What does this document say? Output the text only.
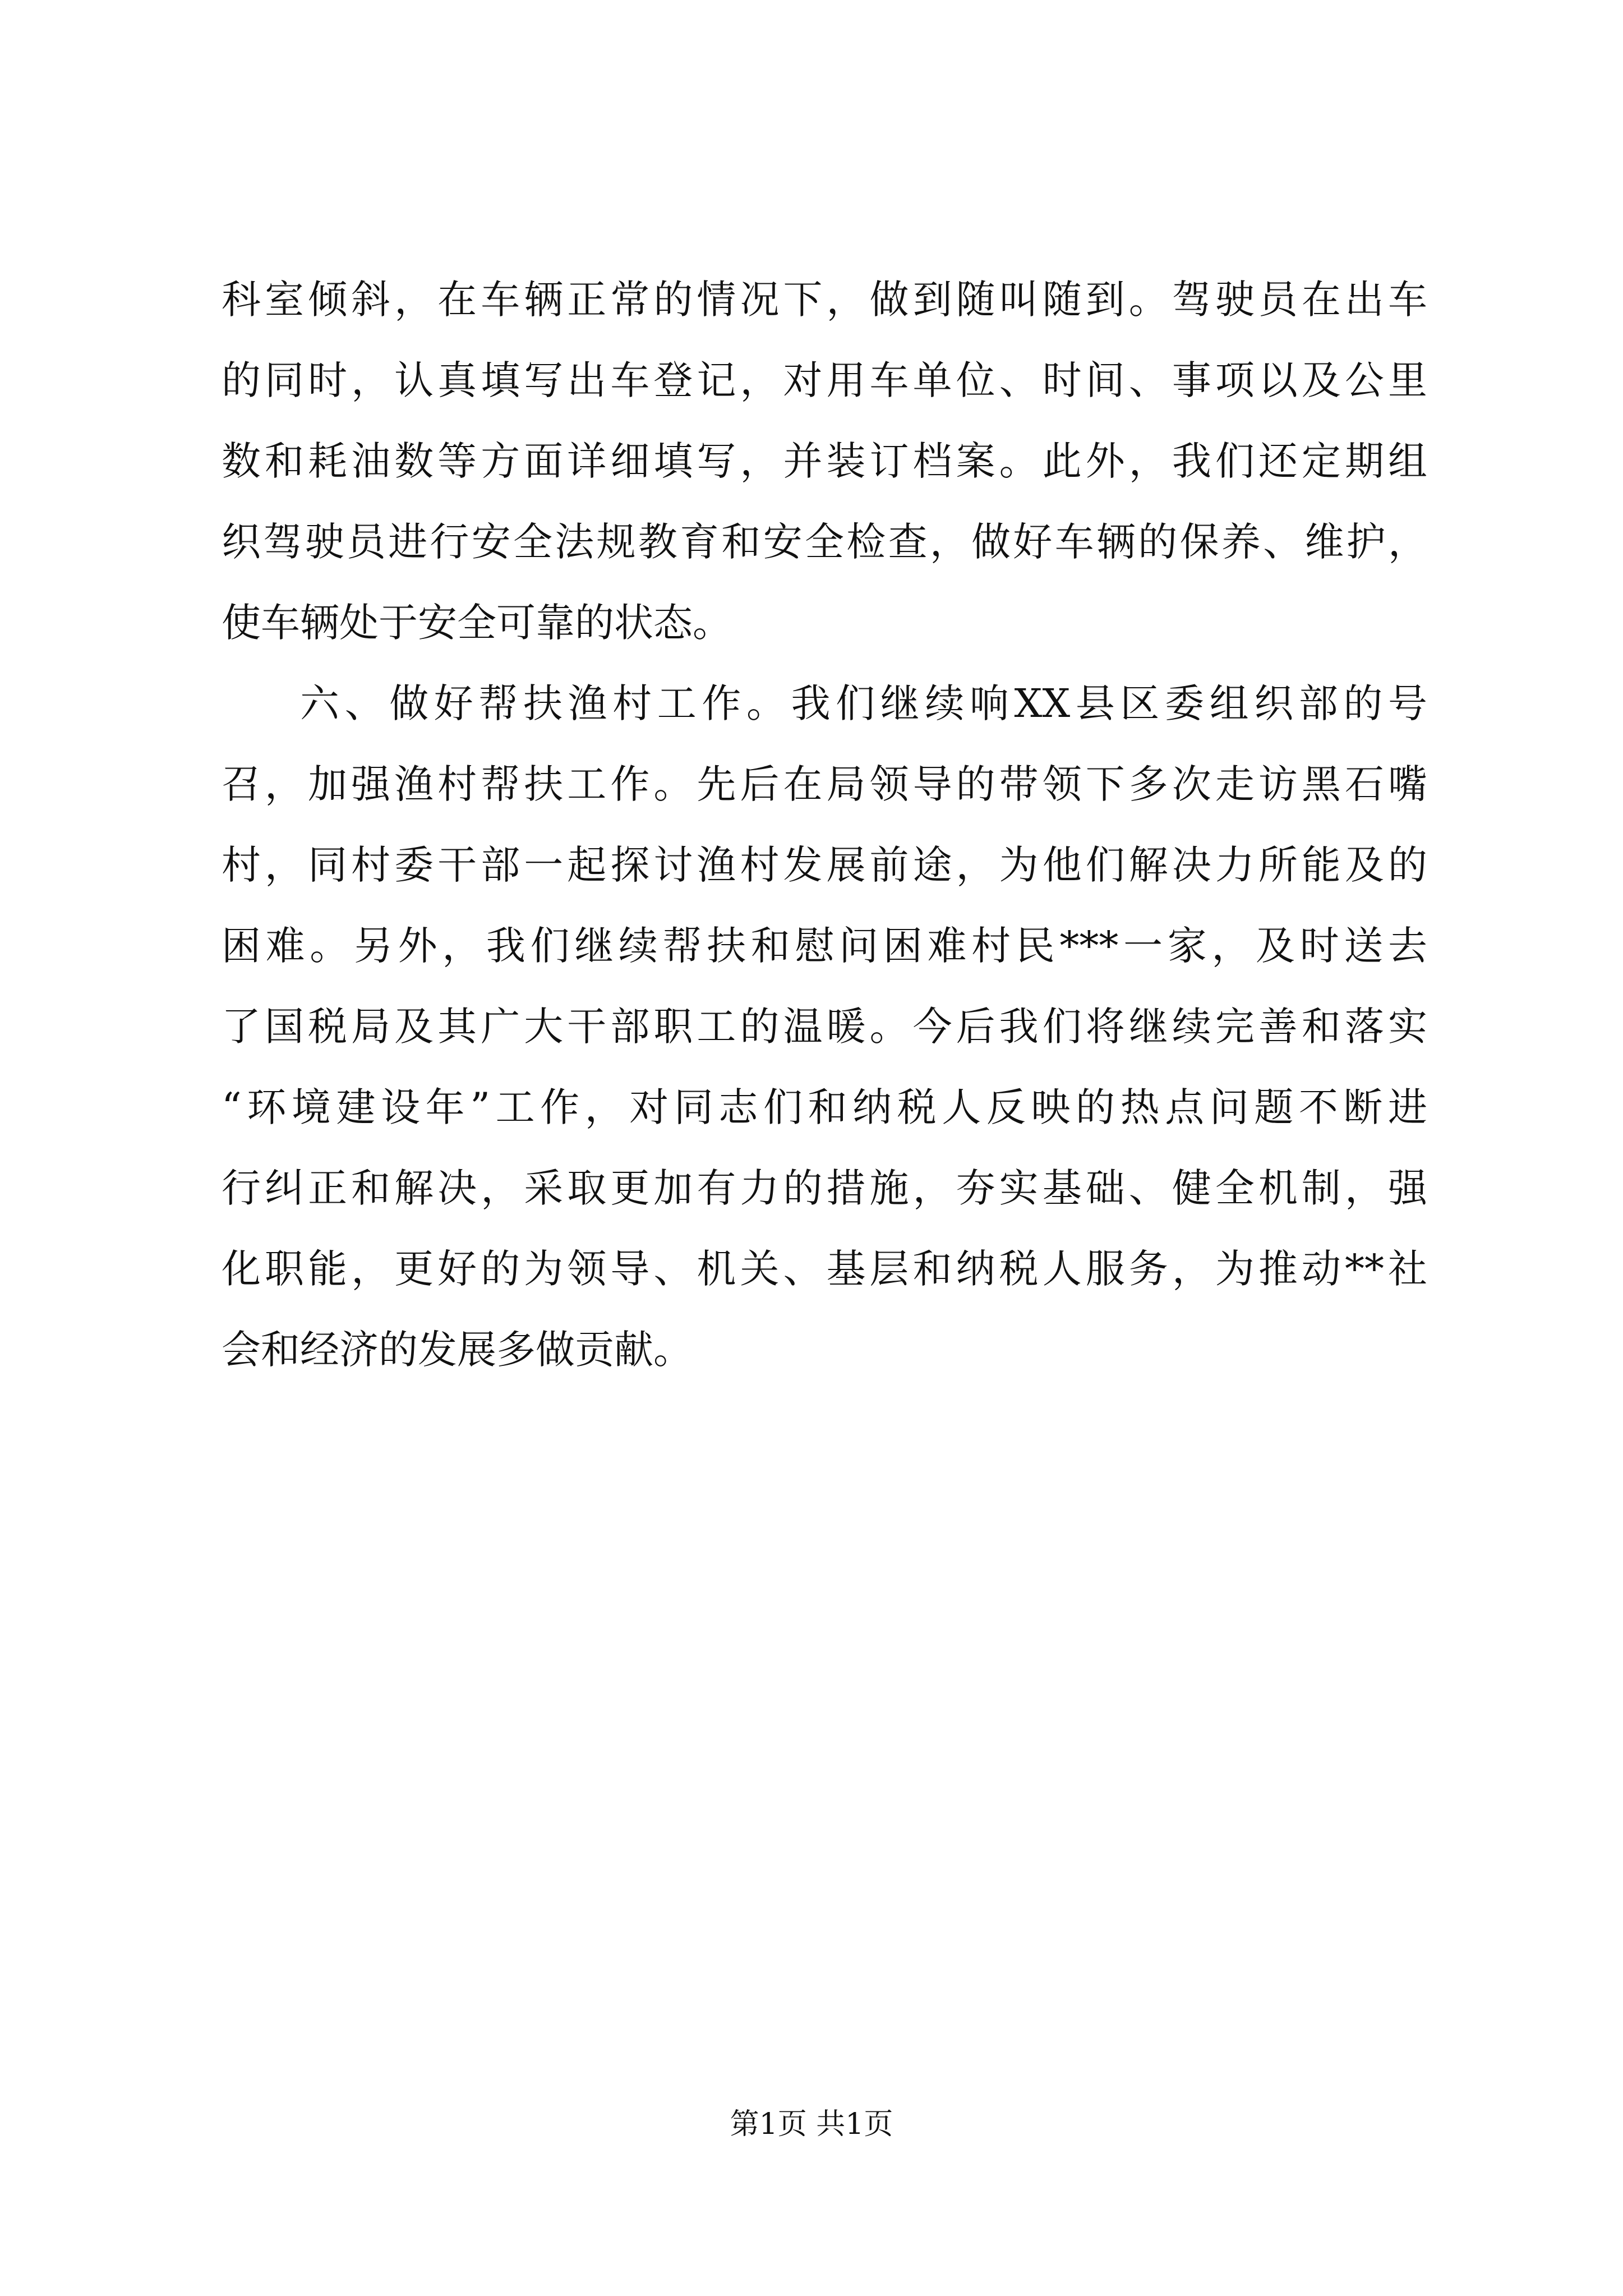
科室倾斜，在车辆正常的情况下，做到随叫随到。驾驶员在出车
的同时，认真填写出车登记，对用车单位、时间、事项以及公里
数和耗油数等方面详细填写，并装订档案。此外，我们还定期组
织驾驶员进行安全法规教育和安全检查，做好车辆的保养、维护，
使车辆处于安全可靠的状态。
六、做好帮扶渔村工作。我们继续响XX县区委组织部的号
召，加强渔村帮扶工作。先后在局领导的带领下多次走访黑石嘴
村，同村委干部一起探讨渔村发展前途，为他们解决力所能及的
困难。另外，我们继续帮扶和慰问困难村民***一家，及时送去
了国税局及其广大干部职工的温暖。今后我们将继续完善和落实
“环境建设年”工作，对同志们和纳税人反映的热点问题不断进
行纠正和解决，采取更加有力的措施，夯实基础、健全机制，强
化职能，更好的为领导、机关、基层和纳税人服务，为推动**社
会和经济的发展多做贡献。
第1页 共1页
